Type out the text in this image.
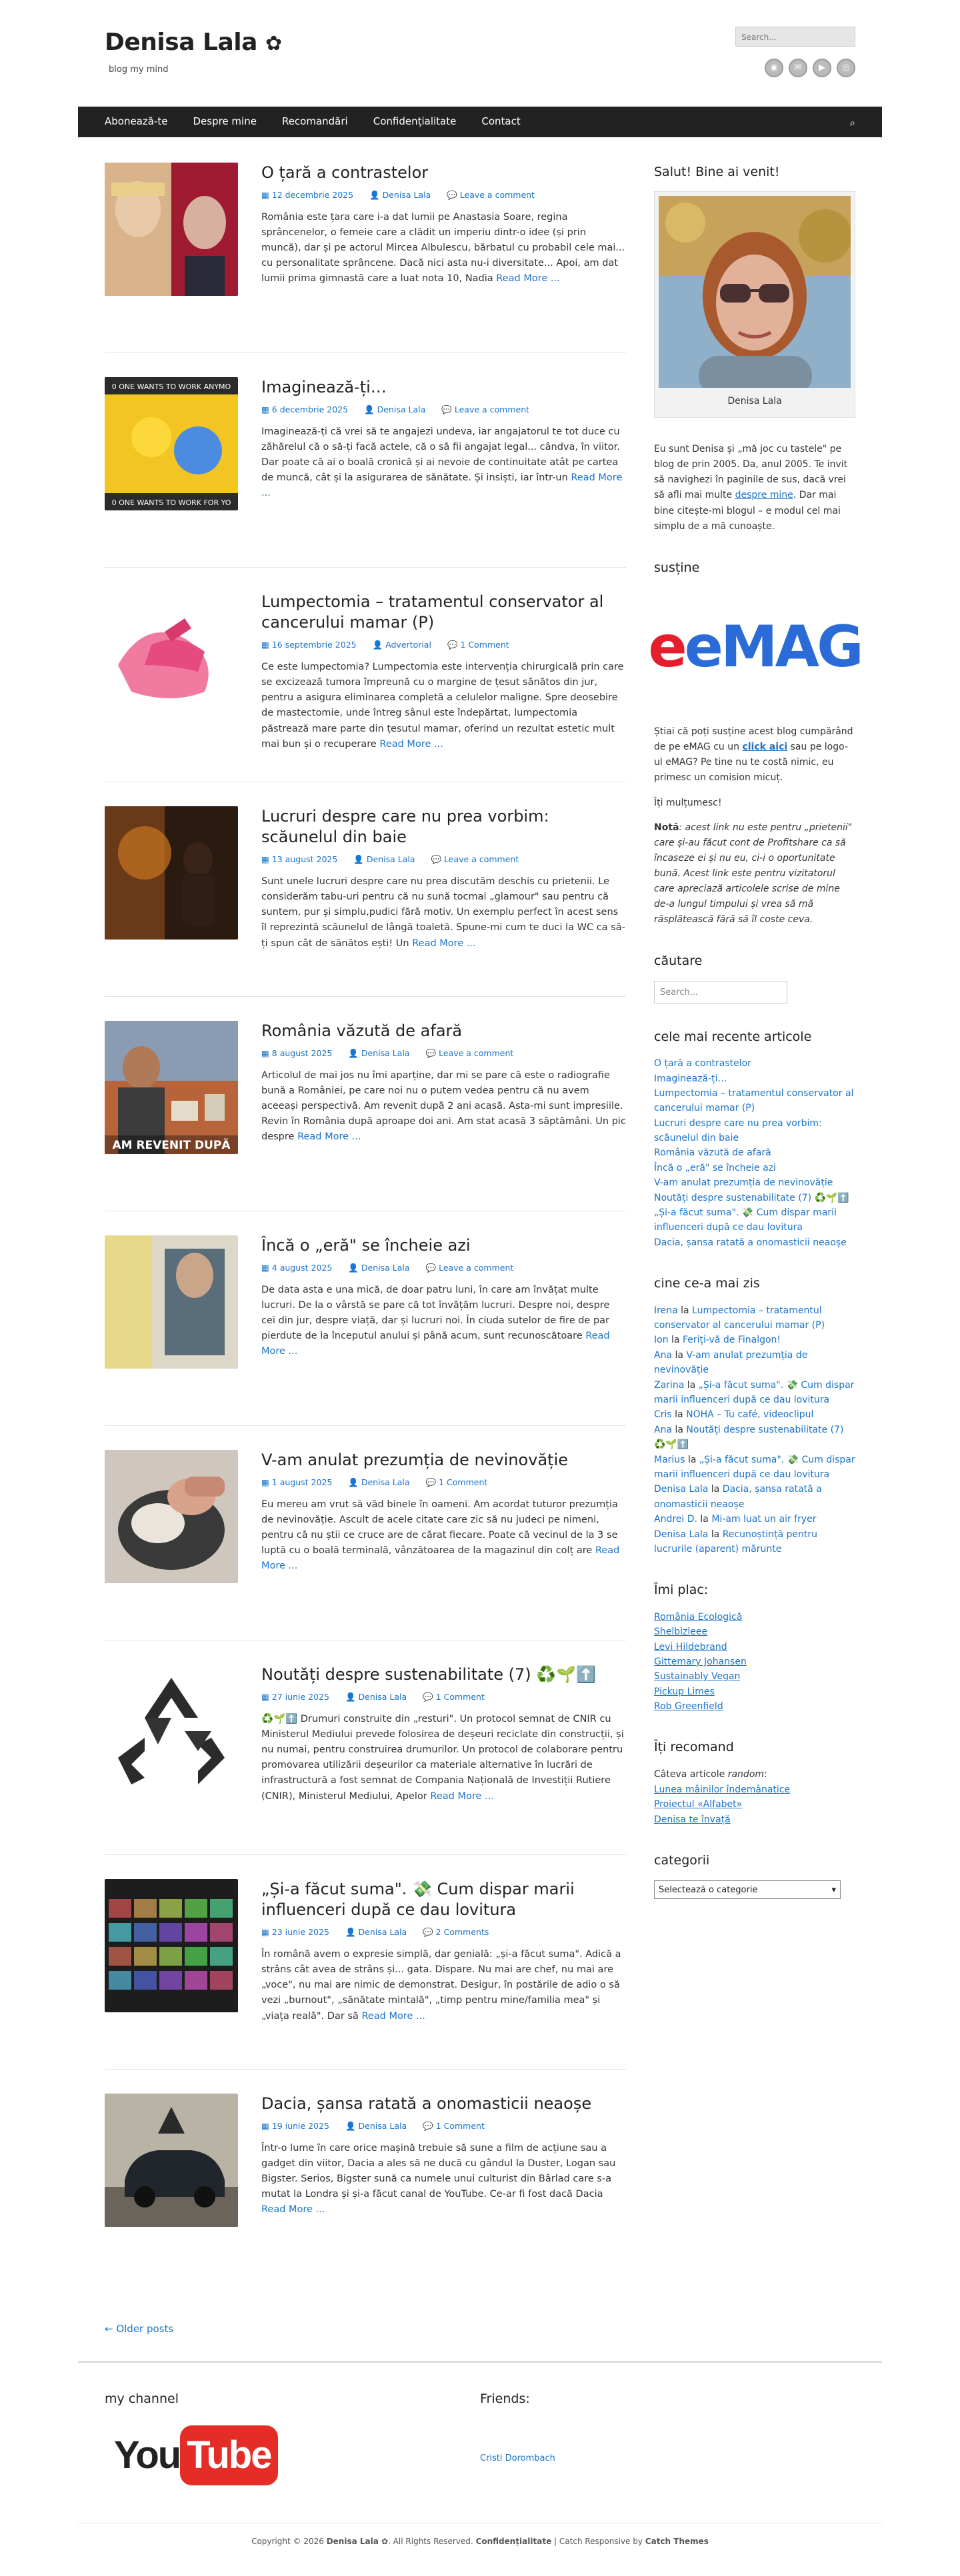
Denisa Lala ✿
blog my mind
Search...
◉	✉	▶	◎
Abonează-te	Despre mine	Recomandări	Confidențialitate	Contact	⌕
O țară a contrastelor
▦ 12 decembrie 2025 👤 Denisa Lala 💬 Leave a comment
România este țara care i-a dat lumii pe Anastasia Soare, regina sprâncenelor, o femeie care a clădit un imperiu dintr-o idee (și prin muncă), dar și pe actorul Mircea Albulescu, bărbatul cu probabil cele mai... cu personalitate sprâncene. Dacă nici asta nu-i diversitate... Apoi, am dat lumii prima gimnastă care a luat nota 10, Nadia Read More ...
0 ONE WANTS TO WORK ANYMO
0 ONE WANTS TO WORK FOR YO
Imaginează-ți…
▦ 6 decembrie 2025 👤 Denisa Lala 💬 Leave a comment
Imaginează-ți că vrei să te angajezi undeva, iar angajatorul te tot duce cu zăhărelul că o să-ți facă actele, că o să fii angajat legal... cândva, în viitor. Dar poate că ai o boală cronică și ai nevoie de continuitate atât pe cartea de muncă, cât și la asigurarea de sănătate. Și insiști, iar într-un Read More ...
Lumpectomia – tratamentul conservator al cancerului mamar (P)
▦ 16 septembrie 2025 👤 Advertorial 💬 1 Comment
Ce este lumpectomia? Lumpectomia este intervenția chirurgicală prin care se excizează tumora împreună cu o margine de țesut sănătos din jur, pentru a asigura eliminarea completă a celulelor maligne. Spre deosebire de mastectomie, unde întreg sânul este îndepărtat, lumpectomia păstrează mare parte din țesutul mamar, oferind un rezultat estetic mult mai bun și o recuperare Read More ...
Lucruri despre care nu prea vorbim: scăunelul din baie
▦ 13 august 2025 👤 Denisa Lala 💬 Leave a comment
Sunt unele lucruri despre care nu prea discutăm deschis cu prietenii. Le considerăm tabu-uri pentru că nu sună tocmai „glamour" sau pentru că suntem, pur și simplu,pudici fără motiv. Un exemplu perfect în acest sens îl reprezintă scăunelul de lângă toaletă. Spune-mi cum te duci la WC ca să-ți spun cât de sănătos ești! Un Read More ...
AM REVENIT DUPĂ
România văzută de afară
▦ 8 august 2025 👤 Denisa Lala 💬 Leave a comment
Articolul de mai jos nu îmi aparține, dar mi se pare că este o radiografie bună a României, pe care noi nu o putem vedea pentru că nu avem aceeași perspectivă. Am revenit după 2 ani acasă. Asta-mi sunt impresiile. Revin în România după aproape doi ani. Am stat acasă 3 săptămâni. Un pic despre Read More ...
Încă o „eră" se încheie azi
▦ 4 august 2025 👤 Denisa Lala 💬 Leave a comment
De data asta e una mică, de doar patru luni, în care am învățat multe lucruri. De la o vârstă se pare că tot învățăm lucruri. Despre noi, despre cei din jur, despre viață, dar și lucruri noi. În ciuda sutelor de fire de par pierdute de la începutul anului și până acum, sunt recunoscătoare Read More ...
V-am anulat prezumția de nevinovăție
▦ 1 august 2025 👤 Denisa Lala 💬 1 Comment
Eu mereu am vrut să văd binele în oameni. Am acordat tuturor prezumția de nevinovăție. Ascult de acele citate care zic să nu judeci pe nimeni, pentru că nu știi ce cruce are de cărat fiecare. Poate că vecinul de la 3 se luptă cu o boală terminală, vânzătoarea de la magazinul din colț are Read More ...
Noutăți despre sustenabilitate (7) ♻️🌱⬆️
▦ 27 iunie 2025 👤 Denisa Lala 💬 1 Comment
♻️🌱⬆️ Drumuri construite din „resturi". Un protocol semnat de CNIR cu Ministerul Mediului prevede folosirea de deșeuri reciclate din construcții, și nu numai, pentru construirea drumurilor. Un protocol de colaborare pentru promovarea utilizării deșeurilor ca materiale alternative în lucrări de infrastructură a fost semnat de Compania Națională de Investiții Rutiere (CNIR), Ministerul Mediului, Apelor Read More ...
„Și-a făcut suma". 💸 Cum dispar marii influenceri după ce dau lovitura
▦ 23 iunie 2025 👤 Denisa Lala 💬 2 Comments
În română avem o expresie simplă, dar genială: „și-a făcut suma". Adică a strâns cât avea de strâns și... gata. Dispare. Nu mai are chef, nu mai are „voce", nu mai are nimic de demonstrat. Desigur, în postările de adio o să vezi „burnout", „sănătate mintală", „timp pentru mine/familia mea" și „viața reală". Dar să Read More ...
Dacia, șansa ratată a onomasticii neaoșe
▦ 19 iunie 2025 👤 Denisa Lala 💬 1 Comment
Într-o lume în care orice mașină trebuie să sune a film de acțiune sau a gadget din viitor, Dacia a ales să ne ducă cu gândul la Duster, Logan sau Bigster. Serios, Bigster sună ca numele unui culturist din Bârlad care s-a mutat la Londra și și-a făcut canal de YouTube. Ce-ar fi fost dacă Dacia Read More ...
Salut! Bine ai venit!
Denisa Lala
Eu sunt Denisa și „mă joc cu tastele" pe blog de prin 2005. Da, anul 2005. Te invit să navighezi în paginile de sus, dacă vrei să afli mai multe despre mine. Dar mai bine citește-mi blogul – e modul cel mai simplu de a mă cunoaște.
susține
eeMAG

Știai că poți susține acest blog cumpărând de pe eMAG cu un click aici sau pe logo-ul eMAG? Pe tine nu te costă nimic, eu primesc un comision micuț.

Îți mulțumesc!

Notă: acest link nu este pentru „prietenii" care și-au făcut cont de Profitshare ca să încaseze ei și nu eu, ci-i o oportunitate bună. Acest link este pentru vizitatorul care apreciază articolele scrise de mine de-a lungul timpului și vrea să mă răsplătească fără să îl coste ceva.

căutare
Search...
cele mai recente articole
O țară a contrastelor
Imaginează-ți…
Lumpectomia – tratamentul conservator al cancerului mamar (P)
Lucruri despre care nu prea vorbim: scăunelul din baie
România văzută de afară
Încă o „eră" se încheie azi
V-am anulat prezumția de nevinovăție
Noutăți despre sustenabilitate (7) ♻️🌱⬆️
„Și-a făcut suma". 💸 Cum dispar marii influenceri după ce dau lovitura
Dacia, șansa ratată a onomasticii neaoșe
cine ce-a mai zis
Irena la Lumpectomia – tratamentul conservator al cancerului mamar (P)
Ion la Feriți-vă de Finalgon!
Ana la V-am anulat prezumția de nevinovăție
Zarina la „Și-a făcut suma". 💸 Cum dispar marii influenceri după ce dau lovitura
Cris la NOHA – Tu café, videoclipul
Ana la Noutăți despre sustenabilitate (7) ♻️🌱⬆️
Marius la „Și-a făcut suma". 💸 Cum dispar marii influenceri după ce dau lovitura
Denisa Lala la Dacia, șansa ratată a onomasticii neaoșe
Andrei D. la Mi-am luat un air fryer
Denisa Lala la Recunoștință pentru lucrurile (aparent) mărunte
Îmi plac:
România Ecologică
Shelbizleee
Levi Hildebrand
Gittemary Johansen
Sustainably Vegan
Pickup Limes
Rob Greenfield
Îți recomand
Câteva articole random:
Lunea mâinilor îndemânatice
Proiectul «Alfabet»
Denisa te învață
categorii
Selectează o categorie	▾
← Older posts
my channel
You Tube
Friends:
Cristi Dorombach
Copyright © 2026 Denisa Lala ✿. All Rights Reserved. Confidențialitate | Catch Responsive by Catch Themes
